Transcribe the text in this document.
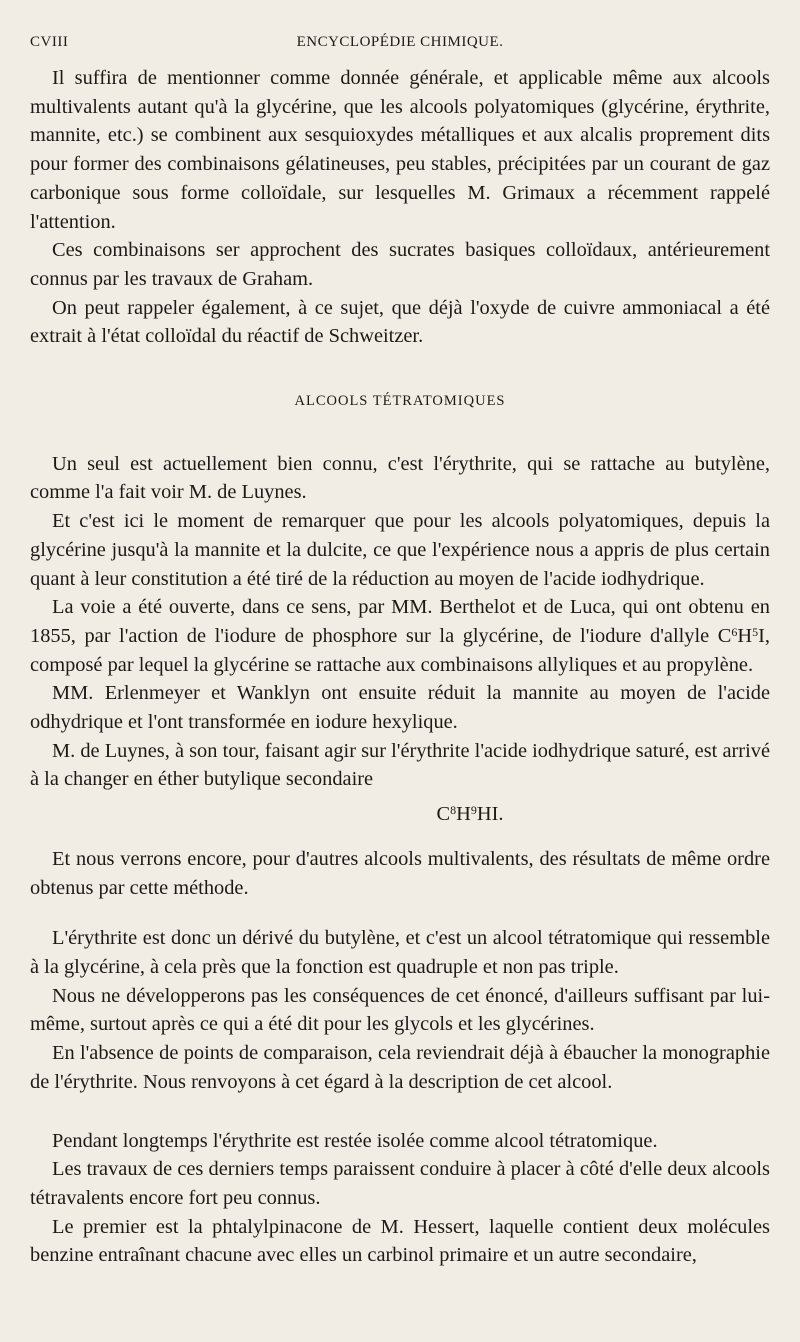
CVIII	ENCYCLOPÉDIE CHIMIQUE.

Il suffira de mentionner comme donnée générale, et applicable même aux alcools multivalents autant qu'à la glycérine, que les alcools polyatomiques (glycérine, érythrite, mannite, etc.) se combinent aux sesquioxydes métalliques et aux alcalis proprement dits pour former des combinaisons gélatineuses, peu stables, précipitées par un courant de gaz carbonique sous forme colloïdale, sur lesquelles M. Grimaux a récemment rappelé l'attention.

Ces combinaisons ser approchent des sucrates basiques colloïdaux, antérieurement connus par les travaux de Graham.

On peut rappeler également, à ce sujet, que déjà l'oxyde de cuivre ammoniacal a été extrait à l'état colloïdal du réactif de Schweitzer.

ALCOOLS TÉTRATOMIQUES

Un seul est actuellement bien connu, c'est l'érythrite, qui se rattache au butylène, comme l'a fait voir M. de Luynes.

Et c'est ici le moment de remarquer que pour les alcools polyatomiques, depuis la glycérine jusqu'à la mannite et la dulcite, ce que l'expérience nous a appris de plus certain quant à leur constitution a été tiré de la réduction au moyen de l'acide iodhydrique.

La voie a été ouverte, dans ce sens, par MM. Berthelot et de Luca, qui ont obtenu en 1855, par l'action de l'iodure de phosphore sur la glycérine, de l'iodure d'allyle $C^6H^5I$, composé par lequel la glycérine se rattache aux combinaisons allyliques et au propylène.

MM. Erlenmeyer et Wanklyn ont ensuite réduit la mannite au moyen de l'acide odhydrique et l'ont transformée en iodure hexylique.

M. de Luynes, à son tour, faisant agir sur l'érythrite l'acide iodhydrique saturé, est arrivé à la changer en éther butylique secondaire

$C^8H^9HI$.

Et nous verrons encore, pour d'autres alcools multivalents, des résultats de même ordre obtenus par cette méthode.

L'érythrite est donc un dérivé du butylène, et c'est un alcool tétratomique qui ressemble à la glycérine, à cela près que la fonction est quadruple et non pas triple.

Nous ne développerons pas les conséquences de cet énoncé, d'ailleurs suffisant par lui-même, surtout après ce qui a été dit pour les glycols et les glycérines.

En l'absence de points de comparaison, cela reviendrait déjà à ébaucher la monographie de l'érythrite. Nous renvoyons à cet égard à la description de cet alcool.

Pendant longtemps l'érythrite est restée isolée comme alcool tétratomique.

Les travaux de ces derniers temps paraissent conduire à placer à côté d'elle deux alcools tétravalents encore fort peu connus.

Le premier est la phtalylpinacone de M. Hessert, laquelle contient deux molécules benzine entraînant chacune avec elles un carbinol primaire et un autre secondaire,
